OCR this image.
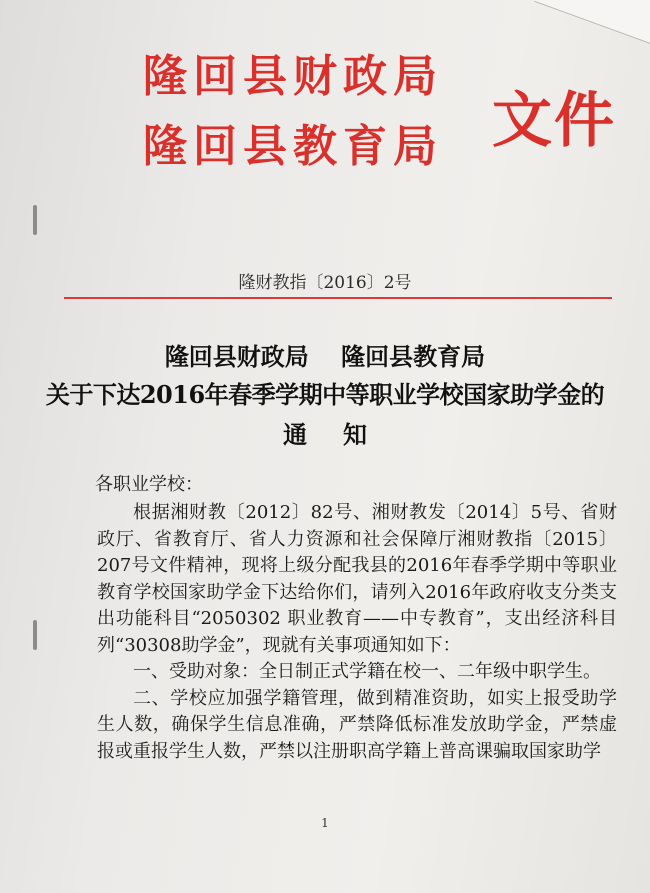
隆回县财政局
隆回县教育局 文件
隆财教指〔2016〕2号
隆回县财政局　 隆回县教育局
关于下达2016年春季学期中等职业学校国家助学金的
通知
各职业学校：

根据湘财教〔2012〕82号、湘财教发〔2014〕5号、省财政厅、省教育厅、省人力资源和社会保障厅湘财教指〔2015〕207号文件精神，现将上级分配我县的2016年春季学期中等职业教育学校国家助学金下达给你们，请列入2016年政府收支分类支出功能科目“2050302 职业教育——中专教育”，支出经济科目列“30308助学金”，现就有关事项通知如下：

一、受助对象：全日制正式学籍在校一、二年级中职学生。

二、学校应加强学籍管理，做到精准资助，如实上报受助学生人数，确保学生信息准确，严禁降低标准发放助学金，严禁虚报或重报学生人数，严禁以注册职高学籍上普高课骗取国家助学

1
